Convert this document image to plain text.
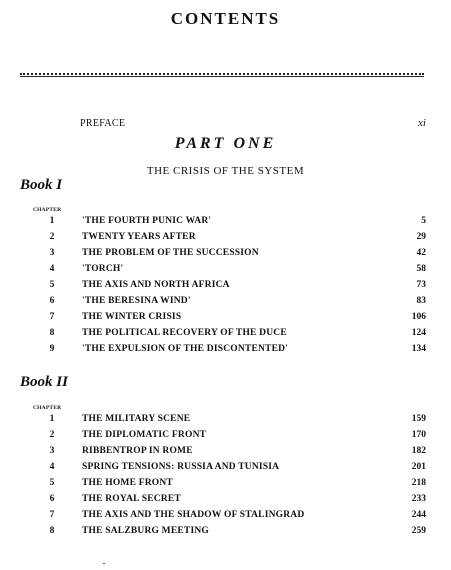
CONTENTS
PREFACE	xi
PART ONE
THE CRISIS OF THE SYSTEM
Book I
CHAPTER
1	'THE FOURTH PUNIC WAR'	5
2	TWENTY YEARS AFTER	29
3	THE PROBLEM OF THE SUCCESSION	42
4	'TORCH'	58
5	THE AXIS AND NORTH AFRICA	73
6	'THE BERESINA WIND'	83
7	THE WINTER CRISIS	106
8	THE POLITICAL RECOVERY OF THE DUCE	124
9	'THE EXPULSION OF THE DISCONTENTED'	134
Book II
CHAPTER
1	THE MILITARY SCENE	159
2	THE DIPLOMATIC FRONT	170
3	RIBBENTROP IN ROME	182
4	SPRING TENSIONS: RUSSIA AND TUNISIA	201
5	THE HOME FRONT	218
6	THE ROYAL SECRET	233
7	THE AXIS AND THE SHADOW OF STALINGRAD	244
8	THE SALZBURG MEETING	259
